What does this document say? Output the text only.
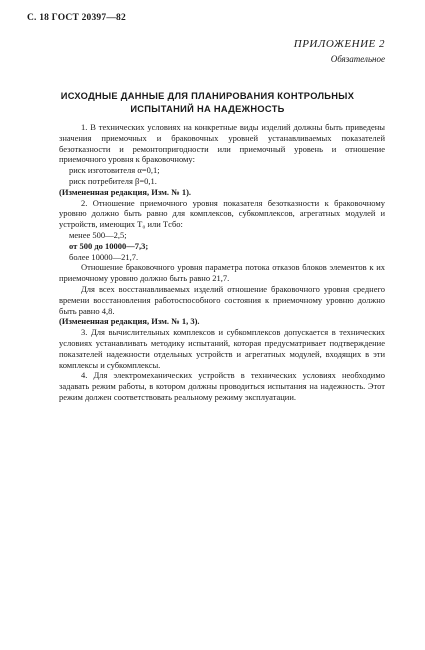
С. 18 ГОСТ 20397—82
ПРИЛОЖЕНИЕ 2
Обязательное
ИСХОДНЫЕ ДАННЫЕ ДЛЯ ПЛАНИРОВАНИЯ КОНТРОЛЬНЫХ
ИСПЫТАНИЙ НА НАДЕЖНОСТЬ

1. В технических условиях на конкретные виды изделий должны быть приведены значения приемочных и браковочных уровней устанавливаемых показателей безотказности и ремонтопригодности или приемочный уровень и отношение приемочного уровня к браковочному:

риск изготовителя α=0,1;
риск потребителя β=0,1.
(Измененная редакция, Изм. № 1).

2. Отношение приемочного уровня показателя безотказности к браковочному уровню должно быть равно для комплексов, субкомплексов, агрегатных модулей и устройств, имеющих T₀ или Tсбо:

менее 500—2,5;
от 500 до 10000—7,3;
более 10000—21,7.

Отношение браковочного уровня параметра потока отказов блоков элементов к их приемочному уровню должно быть равно 21,7.

Для всех восстанавливаемых изделий отношение браковочного уровня среднего времени восстановления работоспособного состояния к приемочному уровню должно быть равно 4,8.

(Измененная редакция, Изм. № 1, 3).

3. Для вычислительных комплексов и субкомплексов допускается в технических условиях устанавливать методику испытаний, которая предусматривает подтверждение показателей надежности отдельных устройств и агрегатных модулей, входящих в эти комплексы и субкомплексы.

4. Для электромеханических устройств в технических условиях необходимо задавать режим работы, в котором должны проводиться испытания на надежность. Этот режим должен соответствовать реальному режиму эксплуатации.
